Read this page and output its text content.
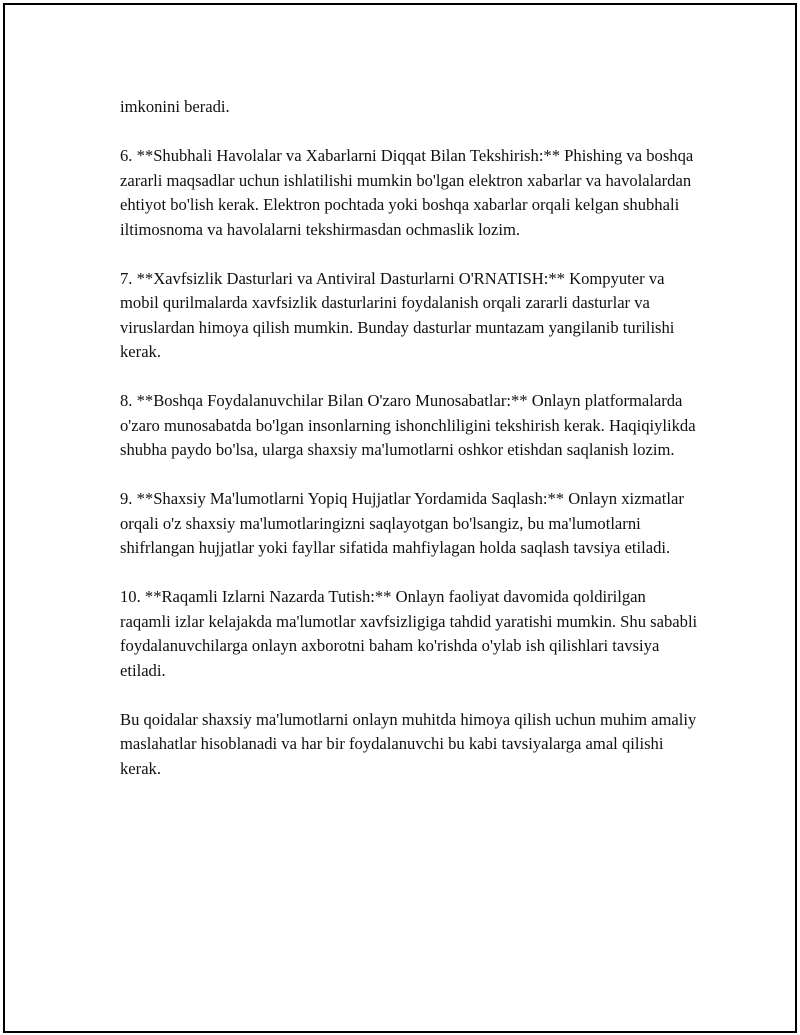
imkonini beradi.

6. **Shubhali Havolalar va Xabarlarni Diqqat Bilan Tekshirish:** Phishing va boshqa zararli maqsadlar uchun ishlatilishi mumkin bo'lgan elektron xabarlar va havolalardan ehtiyot bo'lish kerak. Elektron pochtada yoki boshqa xabarlar orqali kelgan shubhali iltimosnoma va havolalarni tekshirmasdan ochmaslik lozim.

7. **Xavfsizlik Dasturlari va Antiviral Dasturlarni O'RNATISH:** Kompyuter va mobil qurilmalarda xavfsizlik dasturlarini foydalanish orqali zararli dasturlar va viruslardan himoya qilish mumkin. Bunday dasturlar muntazam yangilanib turilishi kerak.

8. **Boshqa Foydalanuvchilar Bilan O'zaro Munosabatlar:** Onlayn platformalarda o'zaro munosabatda bo'lgan insonlarning ishonchliligini tekshirish kerak. Haqiqiylikda shubha paydo bo'lsa, ularga shaxsiy ma'lumotlarni oshkor etishdan saqlanish lozim.

9. **Shaxsiy Ma'lumotlarni Yopiq Hujjatlar Yordamida Saqlash:** Onlayn xizmatlar orqali o'z shaxsiy ma'lumotlaringizni saqlayotgan bo'lsangiz, bu ma'lumotlarni shifrlangan hujjatlar yoki fayllar sifatida mahfiylagan holda saqlash tavsiya etiladi.

10. **Raqamli Izlarni Nazarda Tutish:** Onlayn faoliyat davomida qoldirilgan raqamli izlar kelajakda ma'lumotlar xavfsizligiga tahdid yaratishi mumkin. Shu sababli foydalanuvchilarga onlayn axborotni baham ko'rishda o'ylab ish qilishlari tavsiya etiladi.

Bu qoidalar shaxsiy ma'lumotlarni onlayn muhitda himoya qilish uchun muhim amaliy maslahatlar hisoblanadi va har bir foydalanuvchi bu kabi tavsiyalarga amal qilishi kerak.
